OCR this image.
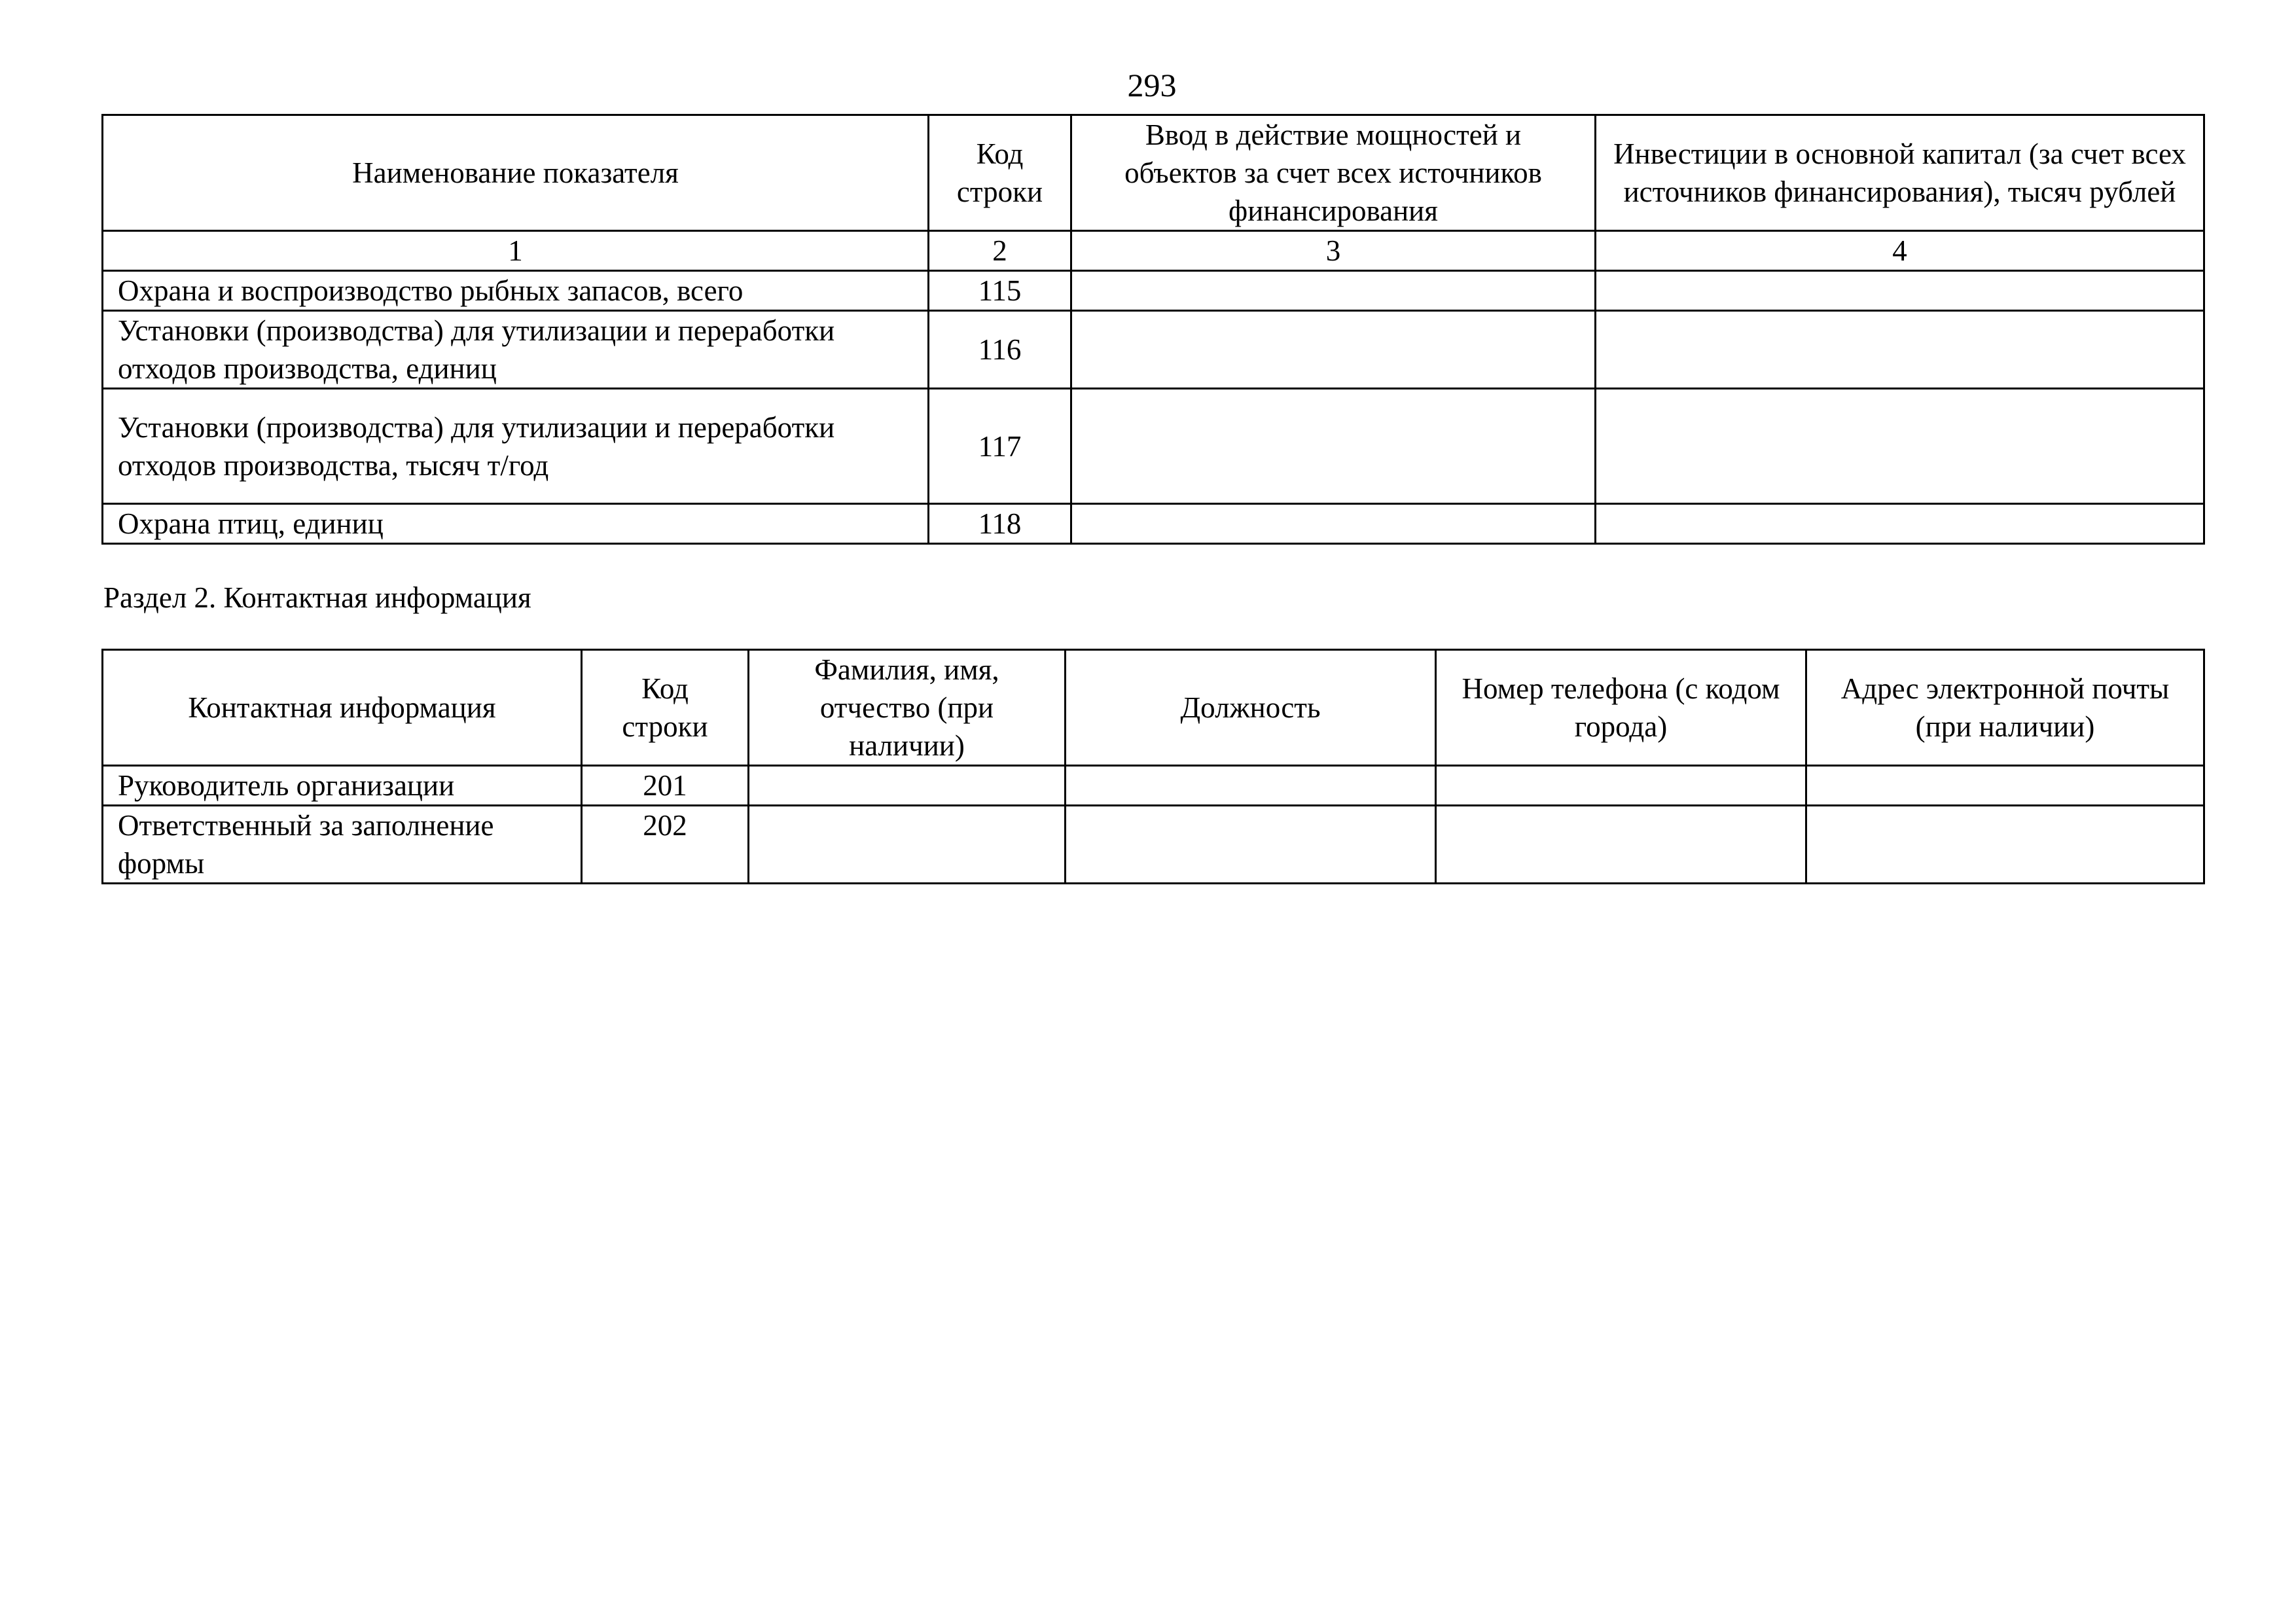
293
Наименование показателя	Код строки	Ввод в действие мощностей и объектов за счет всех источников финансирования	Инвестиции в основной капитал (за счет всех источников финансирования), тысяч рублей
1	2	3	4
Охрана и воспроизводство рыбных запасов, всего	115		
Установки (производства) для утилизации и переработки отходов производства, единиц	116		
Установки (производства) для утилизации и переработки отходов производства, тысяч т/год	117		
Охрана птиц, единиц	118		
Раздел 2. Контактная информация
Контактная информация	Код строки	Фамилия, имя, отчество (при наличии)	Должность	Номер телефона (с кодом города)	Адрес электронной почты (при наличии)
Руководитель организации	201				
Ответственный за заполнение формы	202				
